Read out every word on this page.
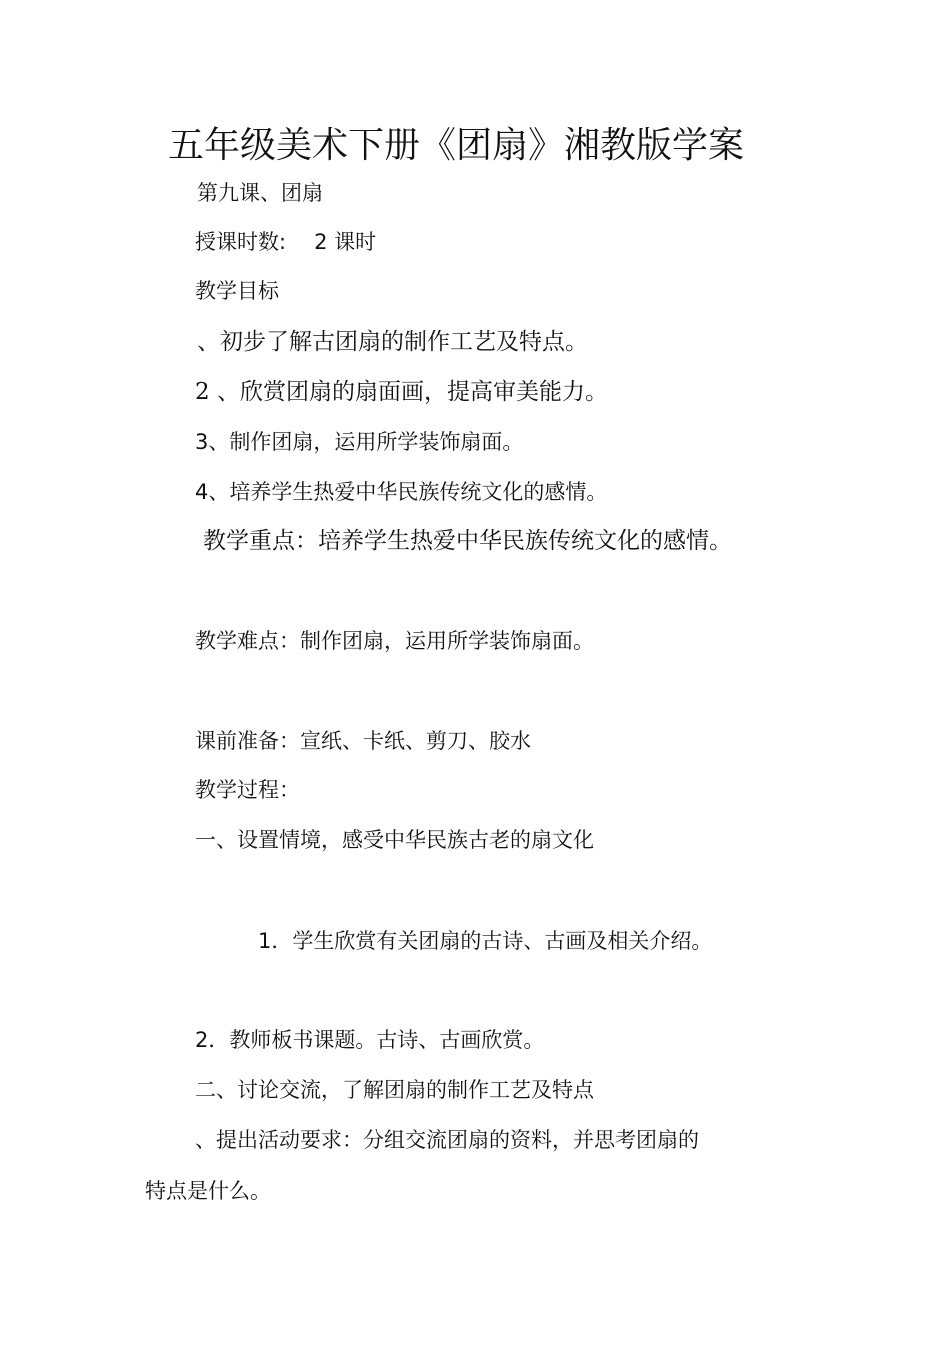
五年级美术下册《团扇》湘教版学案
第九课、团扇
授课时数: 2 课时
教学目标
、初步了解古团扇的制作工艺及特点。
2 、欣赏团扇的扇面画，提高审美能力。
3、制作团扇，运用所学装饰扇面。
4、培养学生热爱中华民族传统文化的感情。
教学重点：培养学生热爱中华民族传统文化的感情。
教学难点：制作团扇，运用所学装饰扇面。
课前准备：宣纸、卡纸、剪刀、胶水
教学过程：
一、设置情境，感受中华民族古老的扇文化
1．学生欣赏有关团扇的古诗、古画及相关介绍。
2．教师板书课题。古诗、古画欣赏。
二、讨论交流，了解团扇的制作工艺及特点
、提出活动要求：分组交流团扇的资料，并思考团扇的
特点是什么。
